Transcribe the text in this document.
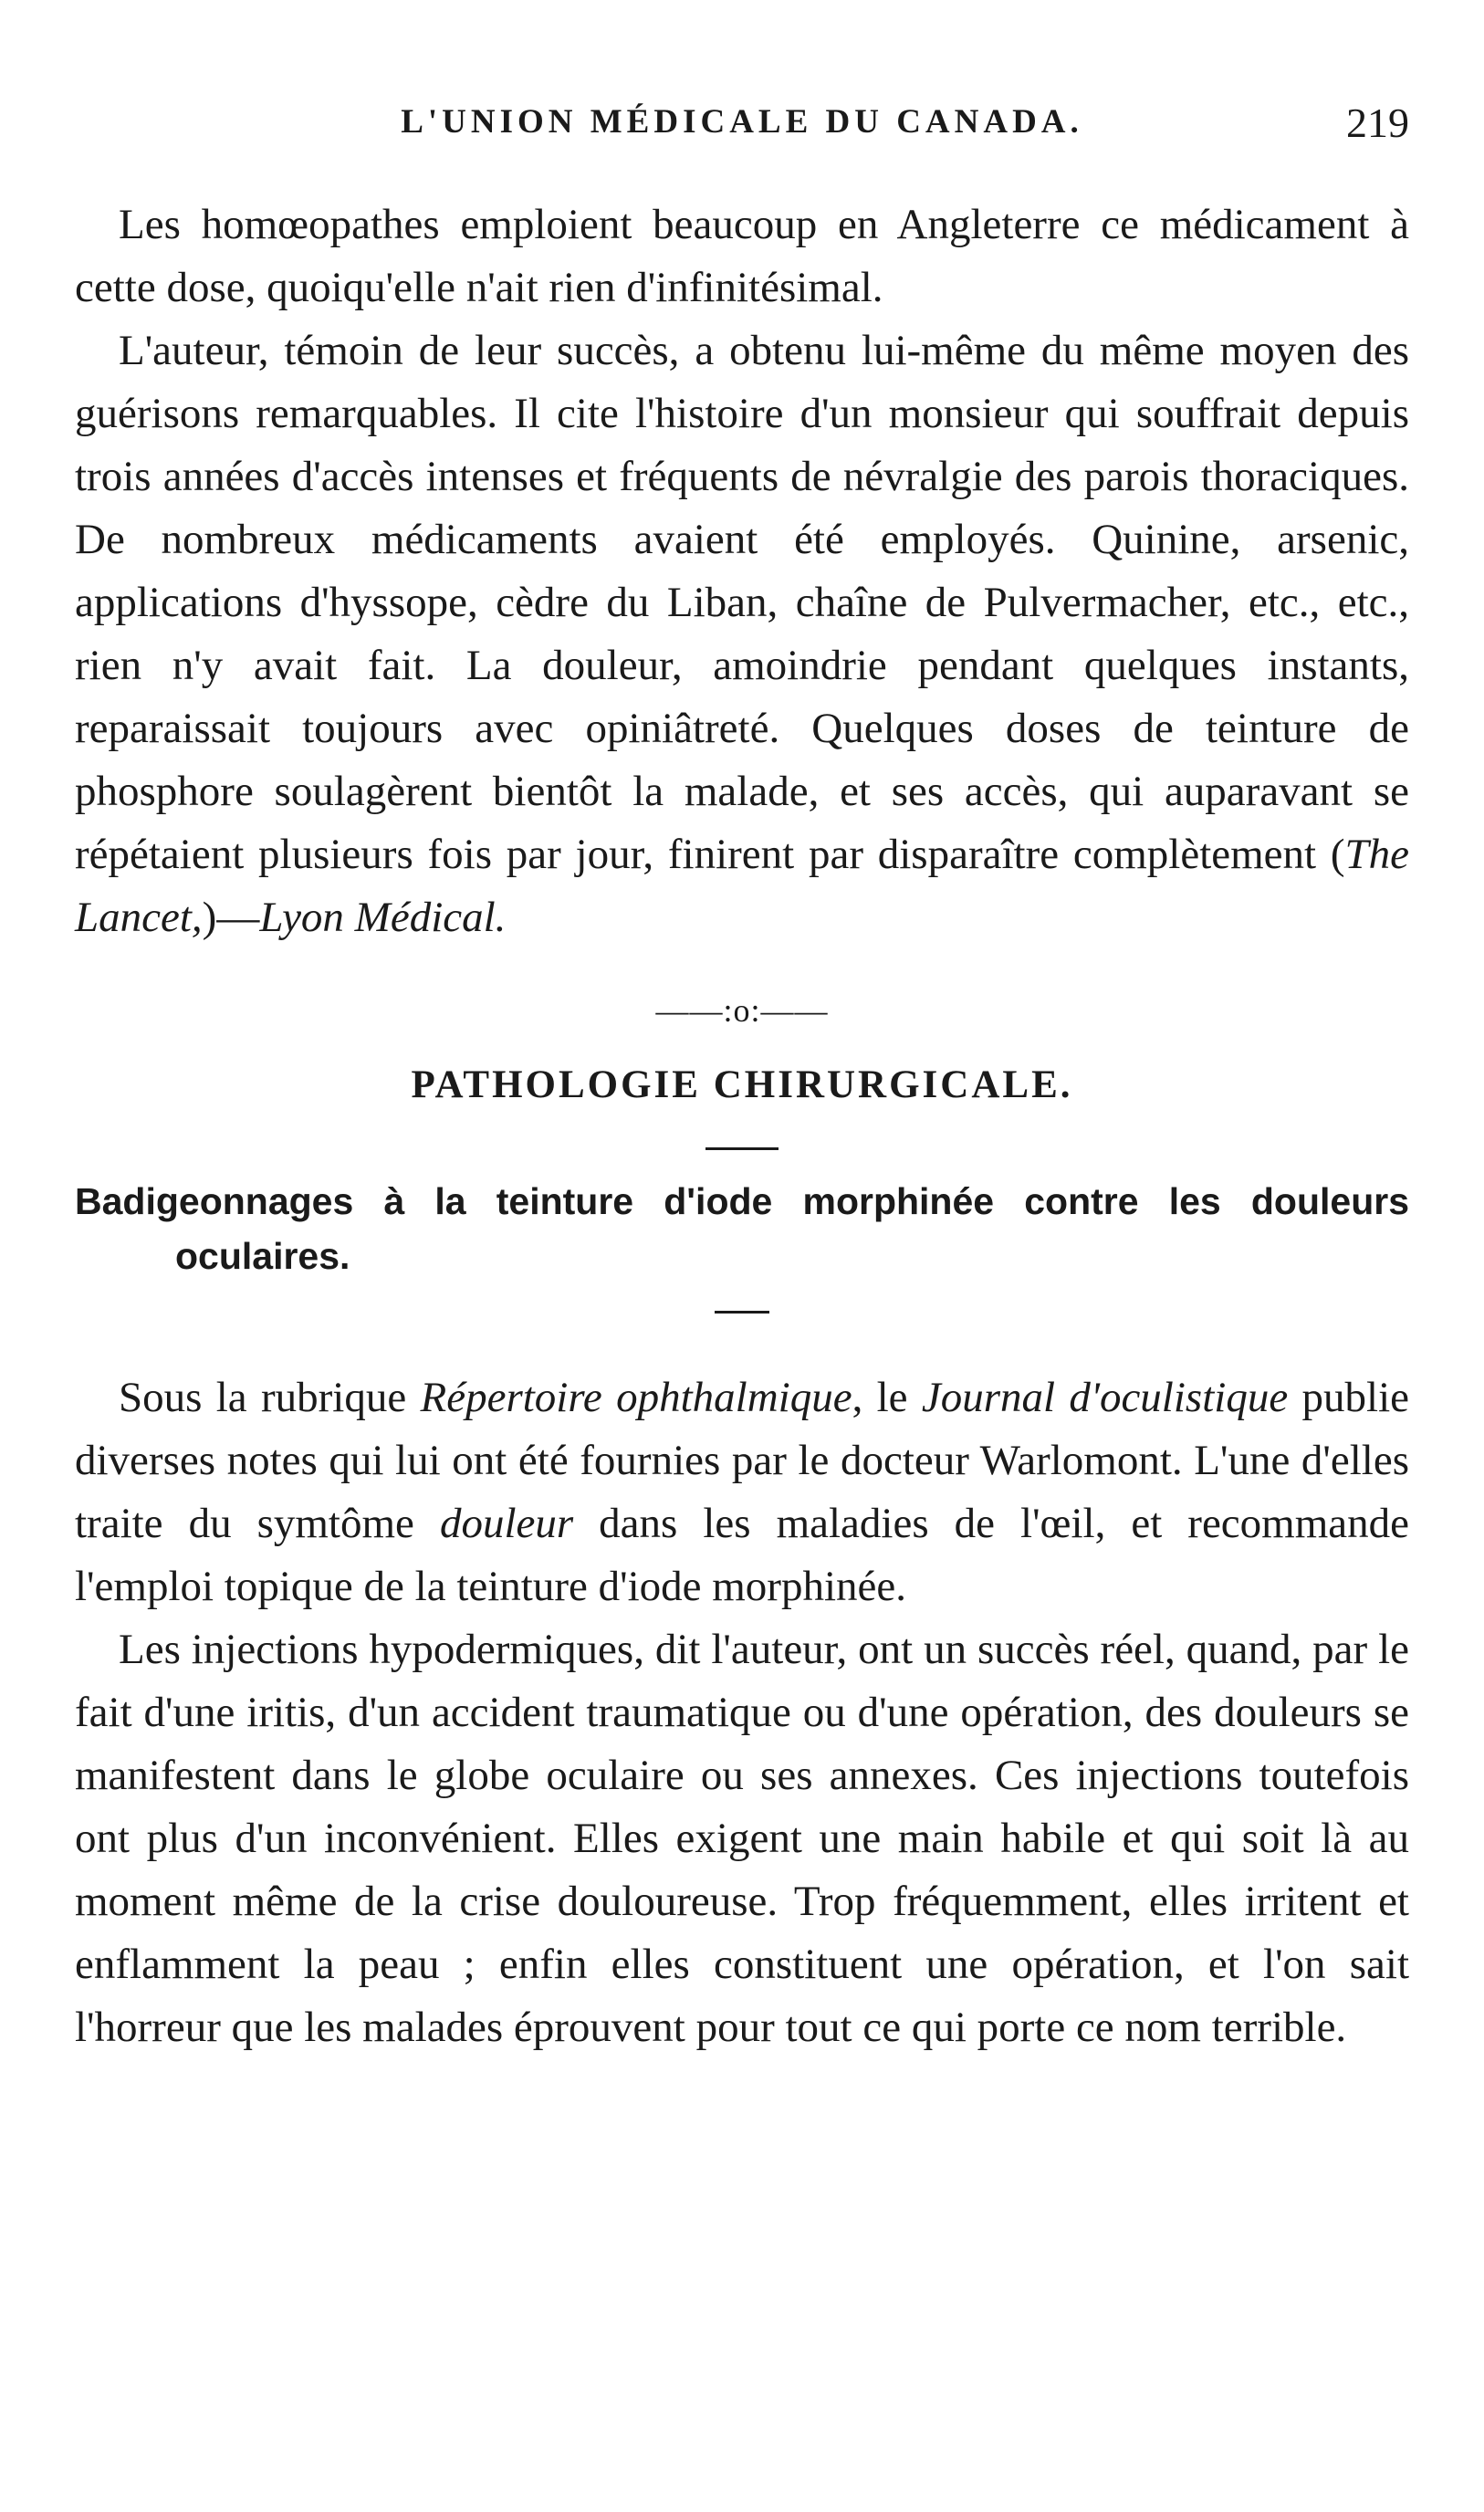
L'UNION MÉDICALE DU CANADA.	219

Les homœopathes emploient beaucoup en Angleterre ce médicament à cette dose, quoiqu'elle n'ait rien d'infinitésimal.

L'auteur, témoin de leur succès, a obtenu lui-même du même moyen des guérisons remarquables. Il cite l'histoire d'un monsieur qui souffrait depuis trois années d'accès intenses et fréquents de névralgie des parois thoraciques. De nombreux médicaments avaient été employés. Quinine, arsenic, applications d'hyssope, cèdre du Liban, chaîne de Pulvermacher, etc., etc., rien n'y avait fait. La douleur, amoindrie pendant quelques instants, reparaissait toujours avec opiniâtreté. Quelques doses de teinture de phosphore soulagèrent bientôt la malade, et ses accès, qui auparavant se répétaient plusieurs fois par jour, finirent par disparaître complètement (The Lancet,)—Lyon Médical.

——:o:——
PATHOLOGIE CHIRURGICALE.
Badigeonnages à la teinture d'iode morphinée contre les douleurs oculaires.

Sous la rubrique Répertoire ophthalmique, le Journal d'oculistique publie diverses notes qui lui ont été fournies par le docteur Warlomont. L'une d'elles traite du symtôme douleur dans les maladies de l'œil, et recommande l'emploi topique de la teinture d'iode morphinée.

Les injections hypodermiques, dit l'auteur, ont un succès réel, quand, par le fait d'une iritis, d'un accident traumatique ou d'une opération, des douleurs se manifestent dans le globe oculaire ou ses annexes. Ces injections toutefois ont plus d'un inconvénient. Elles exigent une main habile et qui soit là au moment même de la crise douloureuse. Trop fréquemment, elles irritent et enflamment la peau ; enfin elles constituent une opération, et l'on sait l'horreur que les malades éprouvent pour tout ce qui porte ce nom terrible.
